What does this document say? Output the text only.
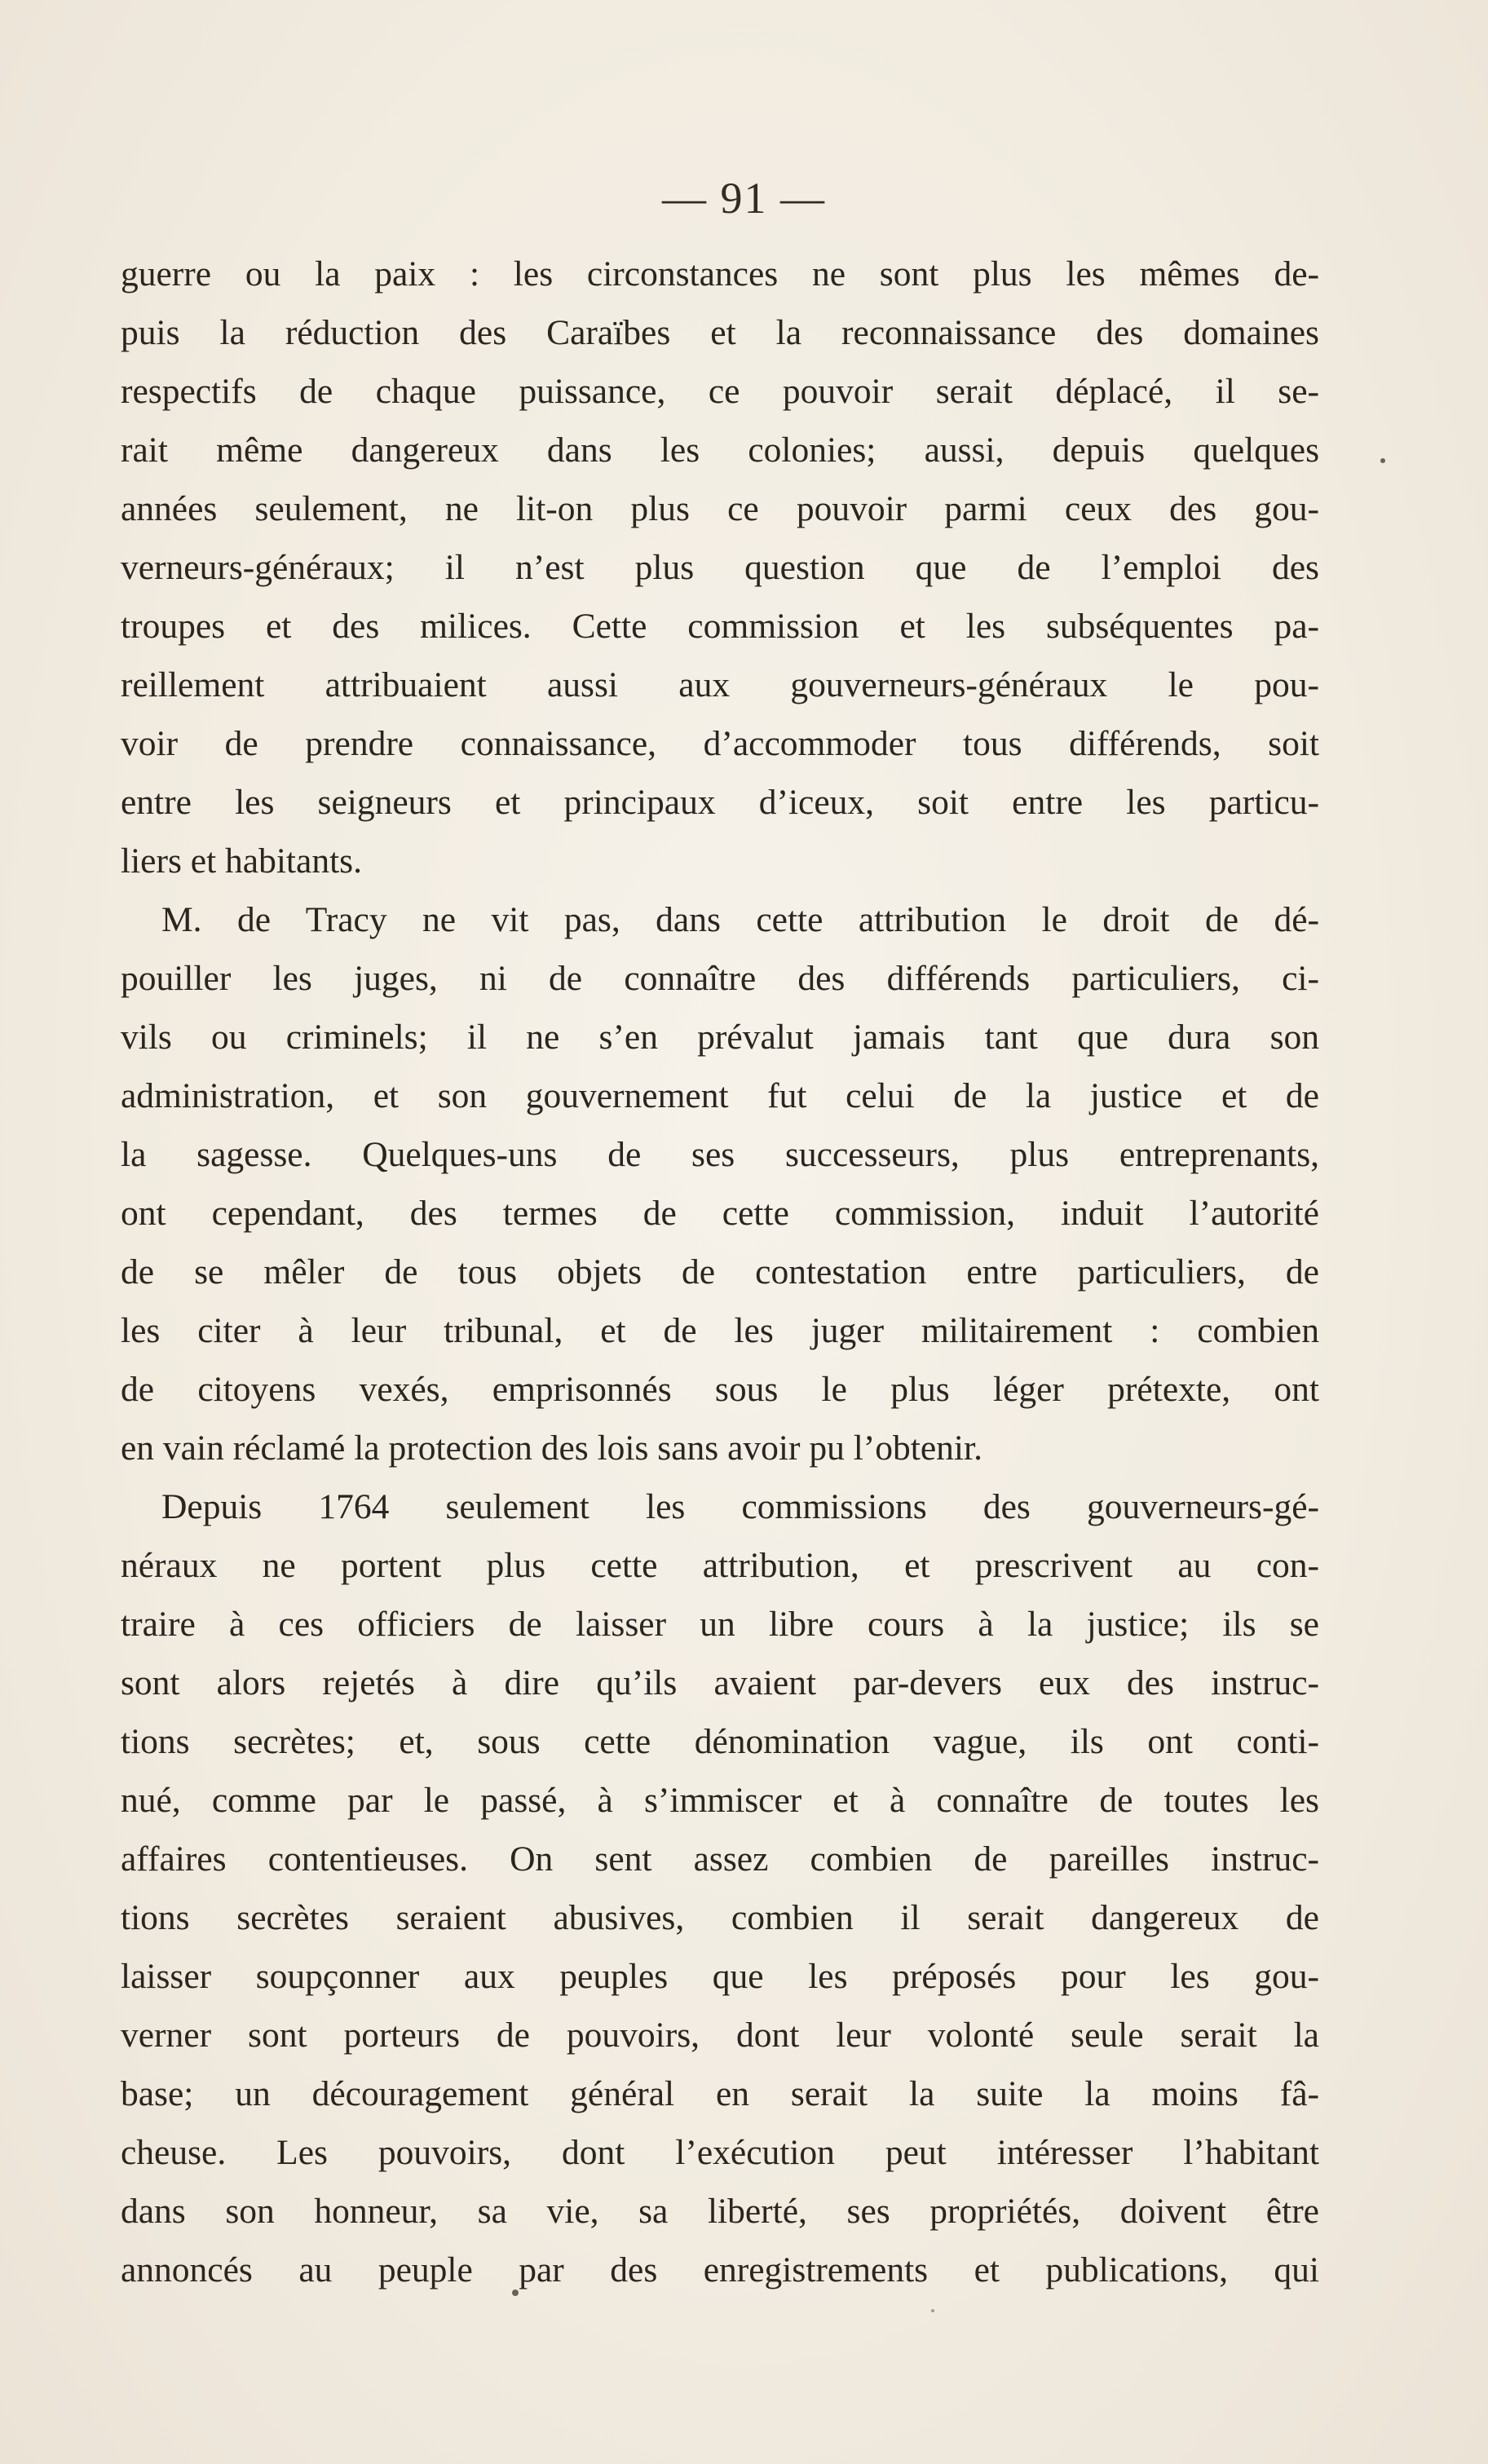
— 91 —
guerre ou la paix : les circonstances ne sont plus les mêmes de-
puis la réduction des Caraïbes et la reconnaissance des domaines
respectifs de chaque puissance, ce pouvoir serait déplacé, il se-
rait même dangereux dans les colonies; aussi, depuis quelques
années seulement, ne lit-on plus ce pouvoir parmi ceux des gou-
verneurs-généraux; il n’est plus question que de l’emploi des
troupes et des milices. Cette commission et les subséquentes pa-
reillement attribuaient aussi aux gouverneurs-généraux le pou-
voir de prendre connaissance, d’accommoder tous différends, soit
entre les seigneurs et principaux d’iceux, soit entre les particu-
liers et habitants.
M. de Tracy ne vit pas, dans cette attribution le droit de dé-
pouiller les juges, ni de connaître des différends particuliers, ci-
vils ou criminels; il ne s’en prévalut jamais tant que dura son
administration, et son gouvernement fut celui de la justice et de
la sagesse. Quelques-uns de ses successeurs, plus entreprenants,
ont cependant, des termes de cette commission, induit l’autorité
de se mêler de tous objets de contestation entre particuliers, de
les citer à leur tribunal, et de les juger militairement : combien
de citoyens vexés, emprisonnés sous le plus léger prétexte, ont
en vain réclamé la protection des lois sans avoir pu l’obtenir.
Depuis 1764 seulement les commissions des gouverneurs-gé-
néraux ne portent plus cette attribution, et prescrivent au con-
traire à ces officiers de laisser un libre cours à la justice; ils se
sont alors rejetés à dire qu’ils avaient par-devers eux des instruc-
tions secrètes; et, sous cette dénomination vague, ils ont conti-
nué, comme par le passé, à s’immiscer et à connaître de toutes les
affaires contentieuses. On sent assez combien de pareilles instruc-
tions secrètes seraient abusives, combien il serait dangereux de
laisser soupçonner aux peuples que les préposés pour les gou-
verner sont porteurs de pouvoirs, dont leur volonté seule serait la
base; un découragement général en serait la suite la moins fâ-
cheuse. Les pouvoirs, dont l’exécution peut intéresser l’habitant
dans son honneur, sa vie, sa liberté, ses propriétés, doivent être
annoncés au peuple par des enregistrements et publications, qui
